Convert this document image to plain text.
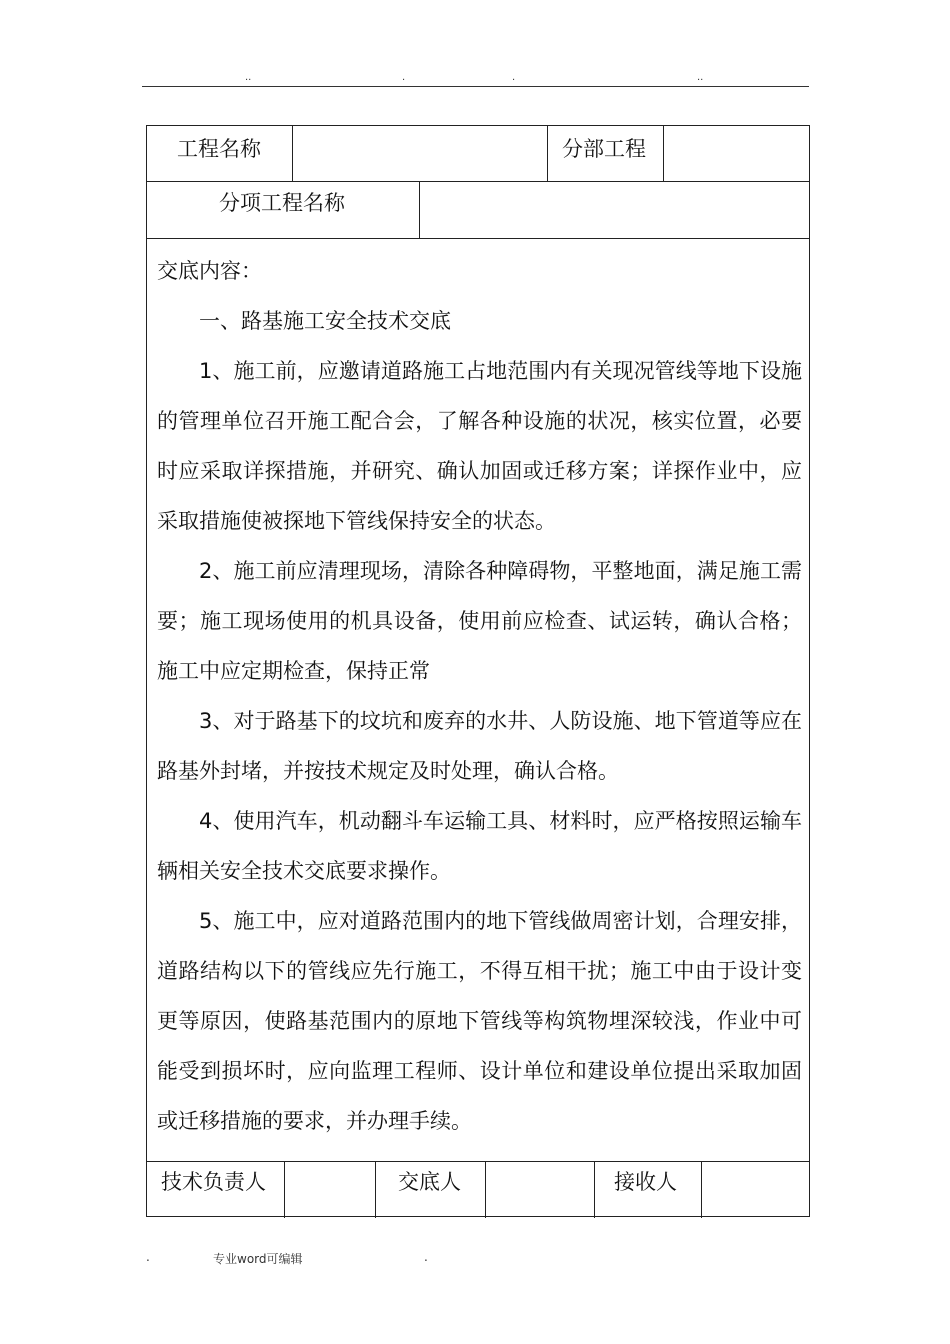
..	.	.	..
工程名称	分部工程
分项工程名称

交底内容：

一、路基施工安全技术交底

1、施工前，应邀请道路施工占地范围内有关现况管线等地下设施的管理单位召开施工配合会，了解各种设施的状况，核实位置，必要时应采取详探措施，并研究、确认加固或迁移方案；详探作业中，应采取措施使被探地下管线保持安全的状态。

2、施工前应清理现场，清除各种障碍物，平整地面，满足施工需要；施工现场使用的机具设备，使用前应检查、试运转，确认合格；施工中应定期检查，保持正常

3、对于路基下的坟坑和废弃的水井、人防设施、地下管道等应在路基外封堵，并按技术规定及时处理，确认合格。

4、使用汽车，机动翻斗车运输工具、材料时，应严格按照运输车辆相关安全技术交底要求操作。

5、施工中，应对道路范围内的地下管线做周密计划，合理安排，道路结构以下的管线应先行施工，不得互相干扰；施工中由于设计变更等原因，使路基范围内的原地下管线等构筑物埋深较浅，作业中可能受到损坏时，应向监理工程师、设计单位和建设单位提出采取加固或迁移措施的要求，并办理手续。

技术负责人	交底人	接收人
.	专业word可编辑	.
